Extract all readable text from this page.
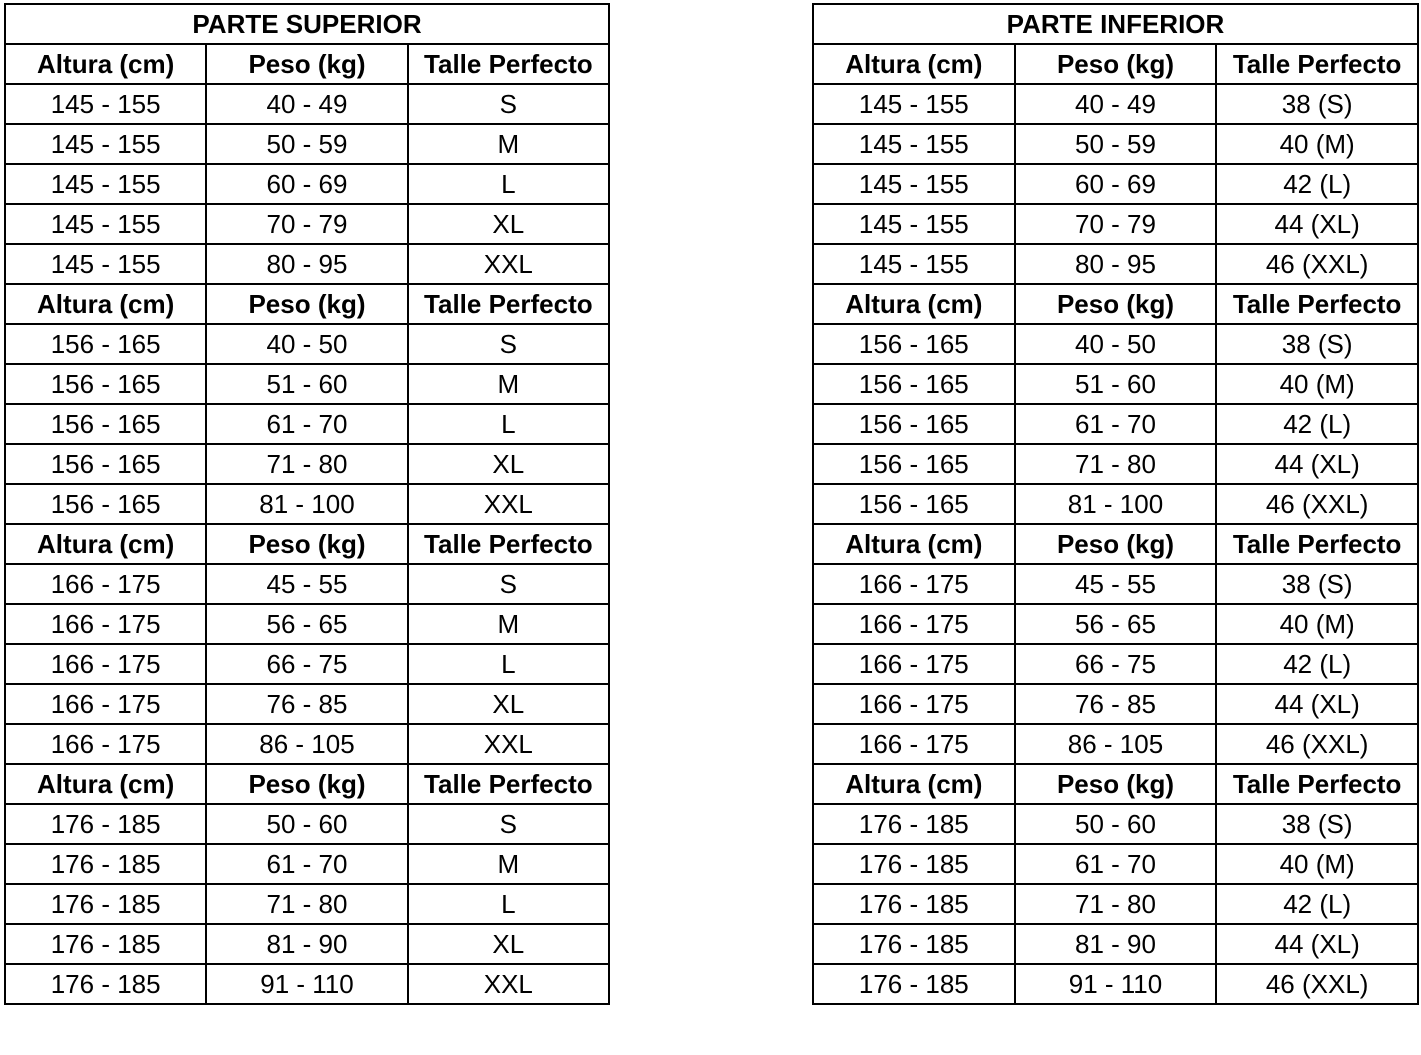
PARTE SUPERIOR		
Altura (cm)	Peso (kg)	Talle Perfecto
145 - 155	40 - 49	S
145 - 155	50 - 59	M
145 - 155	60 - 69	L
145 - 155	70 - 79	XL
145 - 155	80 - 95	XXL
Altura (cm)	Peso (kg)	Talle Perfecto
156 - 165	40 - 50	S
156 - 165	51 - 60	M
156 - 165	61 - 70	L
156 - 165	71 - 80	XL
156 - 165	81 - 100	XXL
Altura (cm)	Peso (kg)	Talle Perfecto
166 - 175	45 - 55	S
166 - 175	56 - 65	M
166 - 175	66 - 75	L
166 - 175	76 - 85	XL
166 - 175	86 - 105	XXL
Altura (cm)	Peso (kg)	Talle Perfecto
176 - 185	50 - 60	S
176 - 185	61 - 70	M
176 - 185	71 - 80	L
176 - 185	81 - 90	XL
176 - 185	91 - 110	XXL
PARTE INFERIOR		
Altura (cm)	Peso (kg)	Talle Perfecto
145 - 155	40 - 49	38 (S)
145 - 155	50 - 59	40 (M)
145 - 155	60 - 69	42 (L)
145 - 155	70 - 79	44 (XL)
145 - 155	80 - 95	46 (XXL)
Altura (cm)	Peso (kg)	Talle Perfecto
156 - 165	40 - 50	38 (S)
156 - 165	51 - 60	40 (M)
156 - 165	61 - 70	42 (L)
156 - 165	71 - 80	44 (XL)
156 - 165	81 - 100	46 (XXL)
Altura (cm)	Peso (kg)	Talle Perfecto
166 - 175	45 - 55	38 (S)
166 - 175	56 - 65	40 (M)
166 - 175	66 - 75	42 (L)
166 - 175	76 - 85	44 (XL)
166 - 175	86 - 105	46 (XXL)
Altura (cm)	Peso (kg)	Talle Perfecto
176 - 185	50 - 60	38 (S)
176 - 185	61 - 70	40 (M)
176 - 185	71 - 80	42 (L)
176 - 185	81 - 90	44 (XL)
176 - 185	91 - 110	46 (XXL)
